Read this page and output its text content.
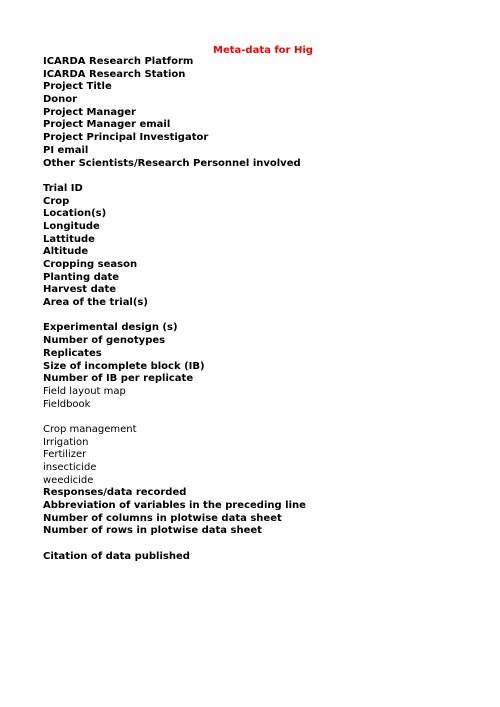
Meta-data for Hig
ICARDA Research Platform
ICARDA Research Station
Project Title
Donor
Project Manager
Project Manager email
Project Principal Investigator
PI email
Other Scientists/Research Personnel involved
Trial ID
Crop
Location(s)
Longitude
Lattitude
Altitude
Cropping season
Planting date
Harvest date
Area of the trial(s)
Experimental design (s)
Number of genotypes
Replicates
Size of incomplete block (IB)
Number of IB per replicate
Field layout map
Fieldbook
Crop management
Irrigation
Fertilizer
insecticide
weedicide
Responses/data recorded
Abbreviation of variables in the preceding line
Number of columns in plotwise data sheet
Number of rows in plotwise data sheet
Citation of data published
